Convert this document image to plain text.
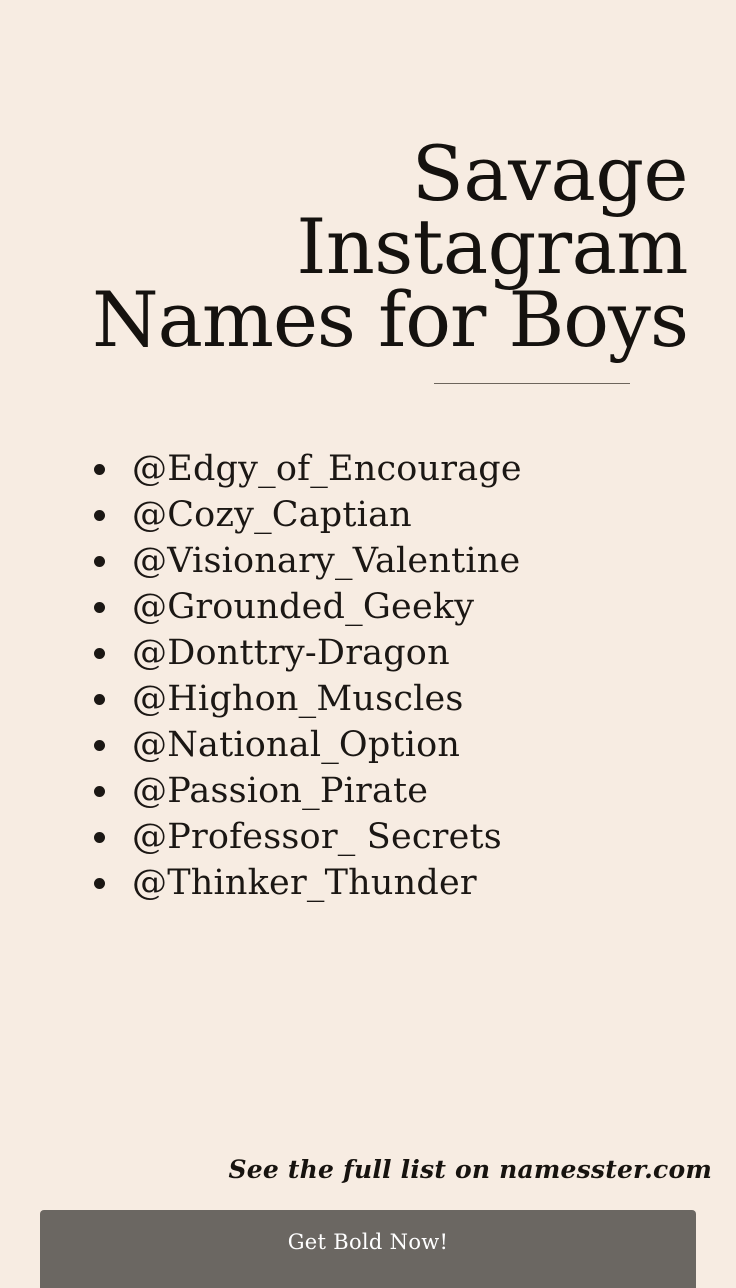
Savage
Instagram
Names for Boys
@Edgy_of_Encourage
@Cozy_Captian
@Visionary_Valentine
@Grounded_Geeky
@Donttry-Dragon
@Highon_Muscles
@National_Option
@Passion_Pirate
@Professor_ Secrets
@Thinker_Thunder
See the full list on namesster.com
Get Bold Now!
